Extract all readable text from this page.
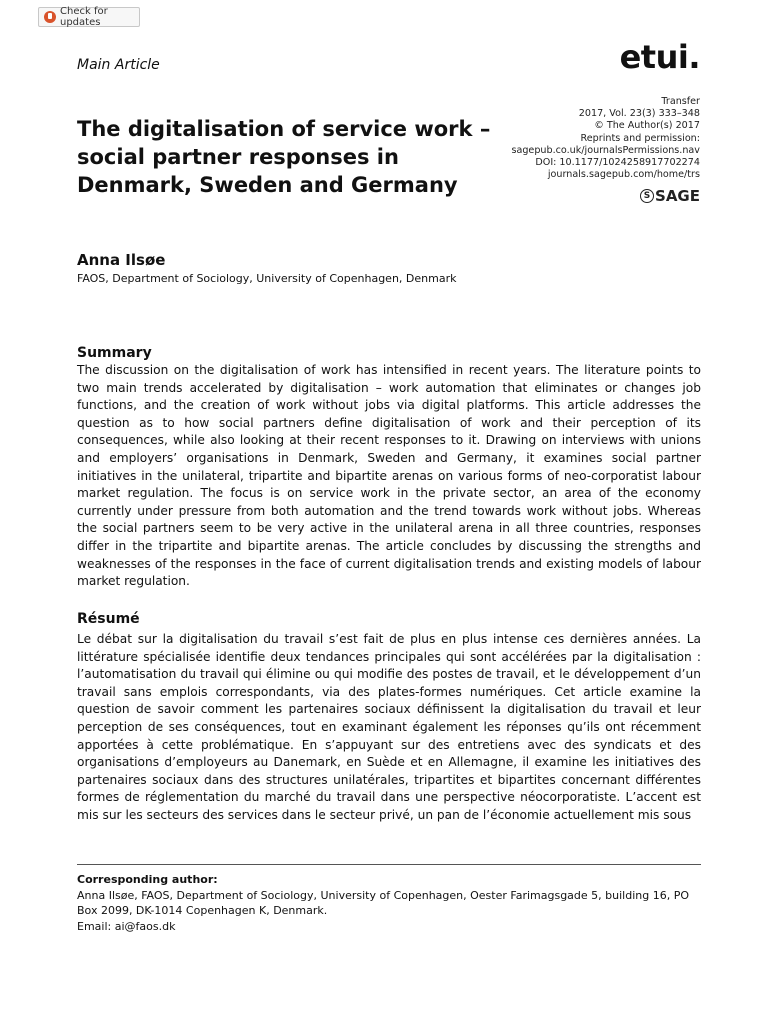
Check for updates
Main Article	etui.
The digitalisation of service work – social partner responses in Denmark, Sweden and Germany
Transfer
2017, Vol. 23(3) 333–348
© The Author(s) 2017
Reprints and permission:
sagepub.co.uk/journalsPermissions.nav
DOI: 10.1177/1024258917702274
journals.sagepub.com/home/trs
S SAGE
Anna Ilsøe
FAOS, Department of Sociology, University of Copenhagen, Denmark
Summary

The discussion on the digitalisation of work has intensified in recent years. The literature points to two main trends accelerated by digitalisation – work automation that eliminates or changes job functions, and the creation of work without jobs via digital platforms. This article addresses the question as to how social partners define digitalisation of work and their perception of its consequences, while also looking at their recent responses to it. Drawing on interviews with unions and employers’ organisations in Denmark, Sweden and Germany, it examines social partner initiatives in the unilateral, tripartite and bipartite arenas on various forms of neo-corporatist labour market regulation. The focus is on service work in the private sector, an area of the economy currently under pressure from both automation and the trend towards work without jobs. Whereas the social partners seem to be very active in the unilateral arena in all three countries, responses differ in the tripartite and bipartite arenas. The article concludes by discussing the strengths and weaknesses of the responses in the face of current digitalisation trends and existing models of labour market regulation.

Résumé

Le débat sur la digitalisation du travail s’est fait de plus en plus intense ces dernières années. La littérature spécialisée identifie deux tendances principales qui sont accélérées par la digitalisation : l’automatisation du travail qui élimine ou qui modifie des postes de travail, et le développement d’un travail sans emplois correspondants, via des plates-formes numériques. Cet article examine la question de savoir comment les partenaires sociaux définissent la digitalisation du travail et leur perception de ses conséquences, tout en examinant également les réponses qu’ils ont récemment apportées à cette problématique. En s’appuyant sur des entretiens avec des syndicats et des organisations d’employeurs au Danemark, en Suède et en Allemagne, il examine les initiatives des partenaires sociaux dans des structures unilatérales, tripartites et bipartites concernant différentes formes de réglementation du marché du travail dans une perspective néocorporatiste. L’accent est mis sur les secteurs des services dans le secteur privé, un pan de l’économie actuellement mis sous

Corresponding author:
Anna Ilsøe, FAOS, Department of Sociology, University of Copenhagen, Oester Farimagsgade 5, building 16, PO Box 2099, DK-1014 Copenhagen K, Denmark.
Email: ai@faos.dk
